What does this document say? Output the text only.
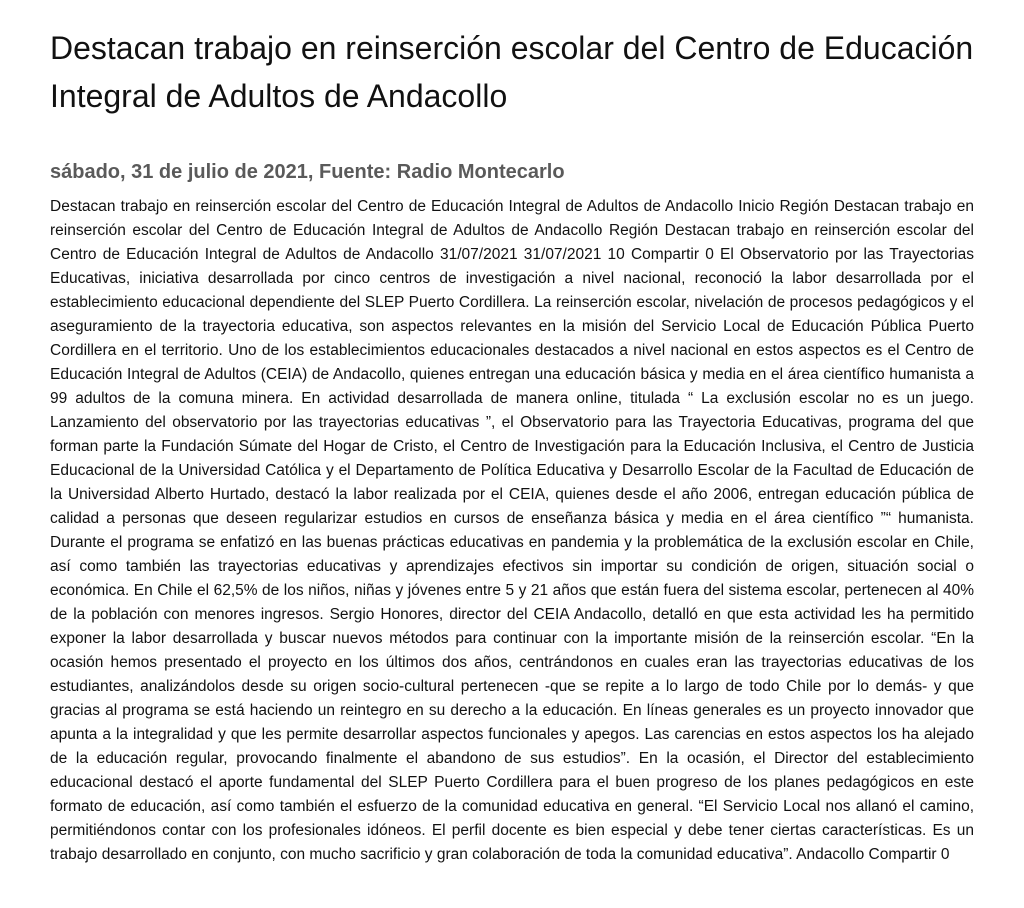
Destacan trabajo en reinserción escolar del Centro de Educación Integral de Adultos de Andacollo
sábado, 31 de julio de 2021, Fuente: Radio Montecarlo

Destacan trabajo en reinserción escolar del Centro de Educación Integral de Adultos de Andacollo Inicio Región Destacan trabajo en reinserción escolar del Centro de Educación Integral de Adultos de Andacollo Región Destacan trabajo en reinserción escolar del Centro de Educación Integral de Adultos de Andacollo 31/07/2021 31/07/2021 10 Compartir 0 El Observatorio por las Trayectorias Educativas, iniciativa desarrollada por cinco centros de investigación a nivel nacional, reconoció la labor desarrollada por el establecimiento educacional dependiente del SLEP Puerto Cordillera. La reinserción escolar, nivelación de procesos pedagógicos y el aseguramiento de la trayectoria educativa, son aspectos relevantes en la misión del Servicio Local de Educación Pública Puerto Cordillera en el territorio. Uno de los establecimientos educacionales destacados a nivel nacional en estos aspectos es el Centro de Educación Integral de Adultos (CEIA) de Andacollo, quienes entregan una educación básica y media en el área científico humanista a 99 adultos de la comuna minera. En actividad desarrollada de manera online, titulada “ La exclusión escolar no es un juego. Lanzamiento del observatorio por las trayectorias educativas ”, el Observatorio para las Trayectoria Educativas, programa del que forman parte la Fundación Súmate del Hogar de Cristo, el Centro de Investigación para la Educación Inclusiva, el Centro de Justicia Educacional de la Universidad Católica y el Departamento de Política Educativa y Desarrollo Escolar de la Facultad de Educación de la Universidad Alberto Hurtado, destacó la labor realizada por el CEIA, quienes desde el año 2006, entregan educación pública de calidad a personas que deseen regularizar estudios en cursos de enseñanza básica y media en el área científico ”“ humanista. Durante el programa se enfatizó en las buenas prácticas educativas en pandemia y la problemática de la exclusión escolar en Chile, así como también las trayectorias educativas y aprendizajes efectivos sin importar su condición de origen, situación social o económica. En Chile el 62,5% de los niños, niñas y jóvenes entre 5 y 21 años que están fuera del sistema escolar, pertenecen al 40% de la población con menores ingresos. Sergio Honores, director del CEIA Andacollo, detalló en que esta actividad les ha permitido exponer la labor desarrollada y buscar nuevos métodos para continuar con la importante misión de la reinserción escolar. “En la ocasión hemos presentado el proyecto en los últimos dos años, centrándonos en cuales eran las trayectorias educativas de los estudiantes, analizándolos desde su origen socio-cultural pertenecen -que se repite a lo largo de todo Chile por lo demás- y que gracias al programa se está haciendo un reintegro en su derecho a la educación. En líneas generales es un proyecto innovador que apunta a la integralidad y que les permite desarrollar aspectos funcionales y apegos. Las carencias en estos aspectos los ha alejado de la educación regular, provocando finalmente el abandono de sus estudios”. En la ocasión, el Director del establecimiento educacional destacó el aporte fundamental del SLEP Puerto Cordillera para el buen progreso de los planes pedagógicos en este formato de educación, así como también el esfuerzo de la comunidad educativa en general. “El Servicio Local nos allanó el camino, permitiéndonos contar con los profesionales idóneos. El perfil docente es bien especial y debe tener ciertas características. Es un trabajo desarrollado en conjunto, con mucho sacrificio y gran colaboración de toda la comunidad educativa”. Andacollo Compartir 0
